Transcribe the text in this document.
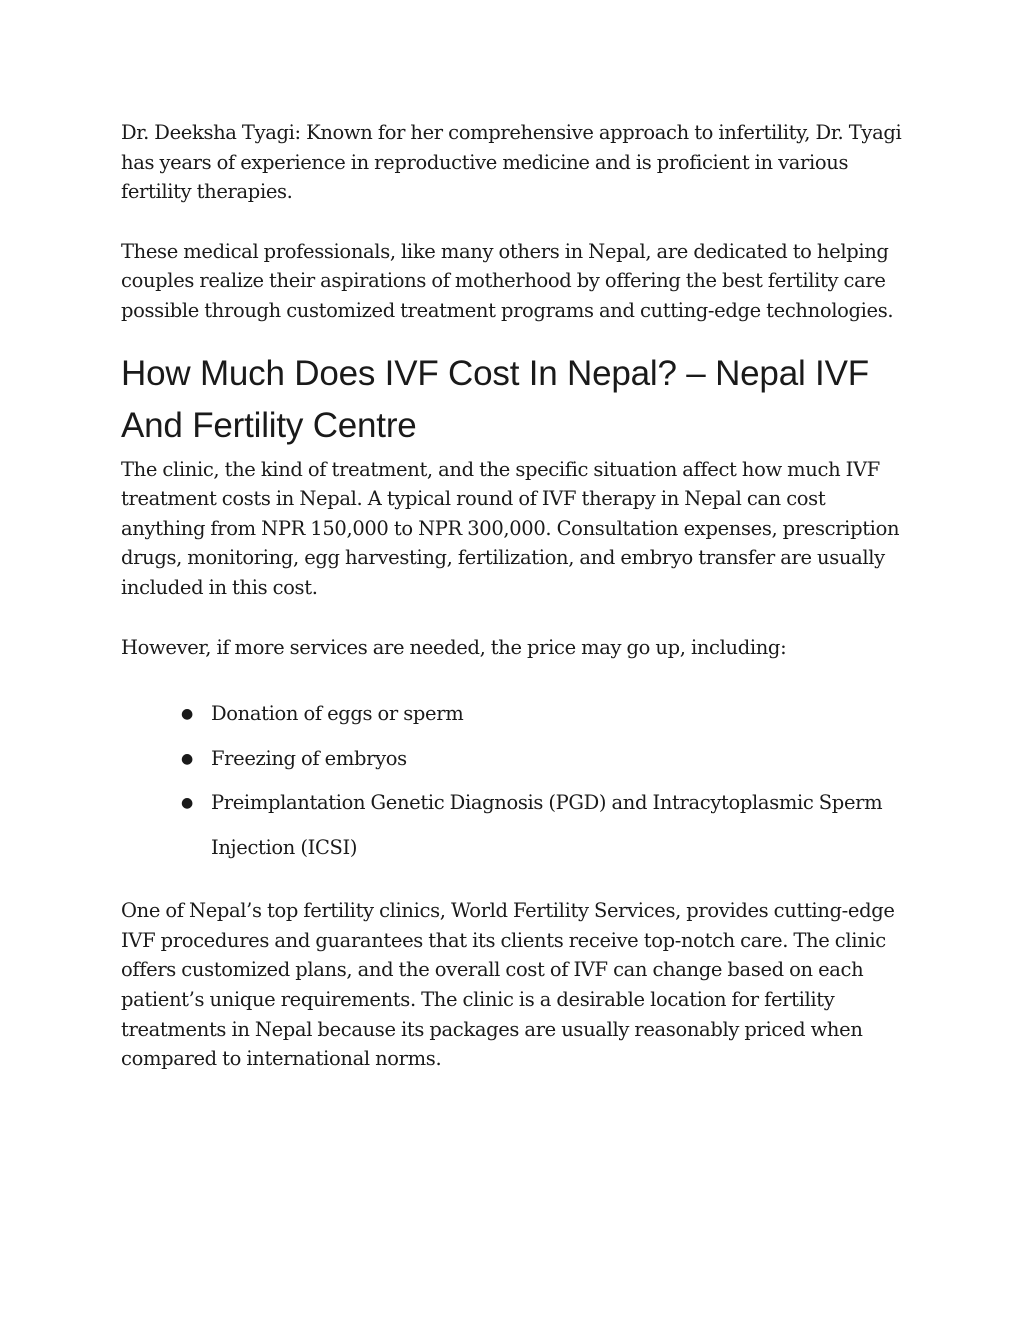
Dr. Deeksha Tyagi: Known for her comprehensive approach to infertility, Dr. Tyagi has years of experience in reproductive medicine and is proficient in various fertility therapies.

These medical professionals, like many others in Nepal, are dedicated to helping couples realize their aspirations of motherhood by offering the best fertility care possible through customized treatment programs and cutting-edge technologies.

How Much Does IVF Cost In Nepal? – Nepal IVF And Fertility Centre

The clinic, the kind of treatment, and the specific situation affect how much IVF treatment costs in Nepal. A typical round of IVF therapy in Nepal can cost anything from NPR 150,000 to NPR 300,000. Consultation expenses, prescription drugs, monitoring, egg harvesting, fertilization, and embryo transfer are usually included in this cost.

However, if more services are needed, the price may go up, including:

● Donation of eggs or sperm
● Freezing of embryos
● Preimplantation Genetic Diagnosis (PGD) and Intracytoplasmic Sperm Injection (ICSI)

One of Nepal’s top fertility clinics, World Fertility Services, provides cutting-edge IVF procedures and guarantees that its clients receive top-notch care. The clinic offers customized plans, and the overall cost of IVF can change based on each patient’s unique requirements. The clinic is a desirable location for fertility treatments in Nepal because its packages are usually reasonably priced when compared to international norms.
